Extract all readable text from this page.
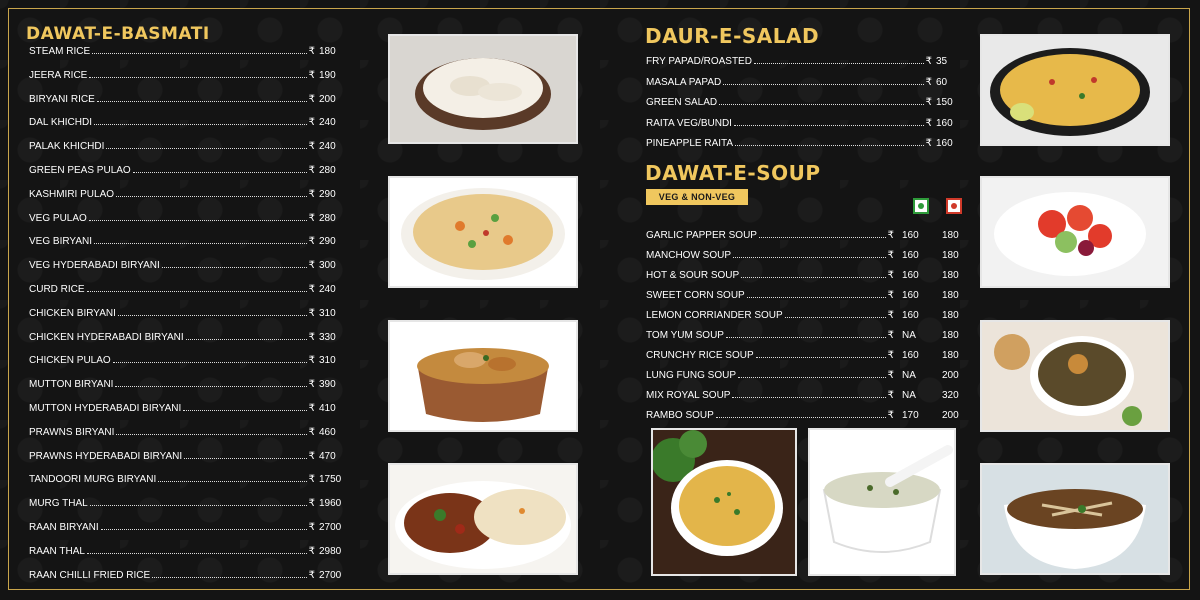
DAWAT-E-BASMATI
STEAM RICE	₹ 180
JEERA RICE	₹ 190
BIRYANI RICE	₹ 200
DAL KHICHDI	₹ 240
PALAK KHICHDI	₹ 240
GREEN PEAS PULAO	₹ 280
KASHMIRI PULAO	₹ 290
VEG PULAO	₹ 280
VEG BIRYANI	₹ 290
VEG HYDERABADI BIRYANI	₹ 300
CURD RICE	₹ 240
CHICKEN BIRYANI	₹ 310
CHICKEN HYDERABADI BIRYANI	₹ 330
CHICKEN PULAO	₹ 310
MUTTON BIRYANI	₹ 390
MUTTON HYDERABADI BIRYANI	₹ 410
PRAWNS BIRYANI	₹ 460
PRAWNS HYDERABADI BIRYANI	₹ 470
TANDOORI MURG BIRYANI	₹ 1750
MURG THAL	₹ 1960
RAAN BIRYANI	₹ 2700
RAAN THAL	₹ 2980
RAAN CHILLI FRIED RICE	₹ 2700
DAUR-E-SALAD
FRY PAPAD/ROASTED	₹ 35
MASALA PAPAD	₹ 60
GREEN SALAD	₹ 150
RAITA VEG/BUNDI	₹ 160
PINEAPPLE RAITA	₹ 160
DAWAT-E-SOUP
VEG & NON-VEG
GARLIC PAPPER SOUP	₹ 160	180
MANCHOW SOUP	₹ 160	180
HOT & SOUR SOUP	₹ 160	180
SWEET CORN SOUP	₹ 160	180
LEMON CORRIANDER SOUP	₹ 160	180
TOM YUM SOUP	₹ NA	180
CRUNCHY RICE SOUP	₹ 160	180
LUNG FUNG SOUP	₹ NA	200
MIX ROYAL SOUP	₹ NA	320
RAMBO SOUP	₹ 170	200
